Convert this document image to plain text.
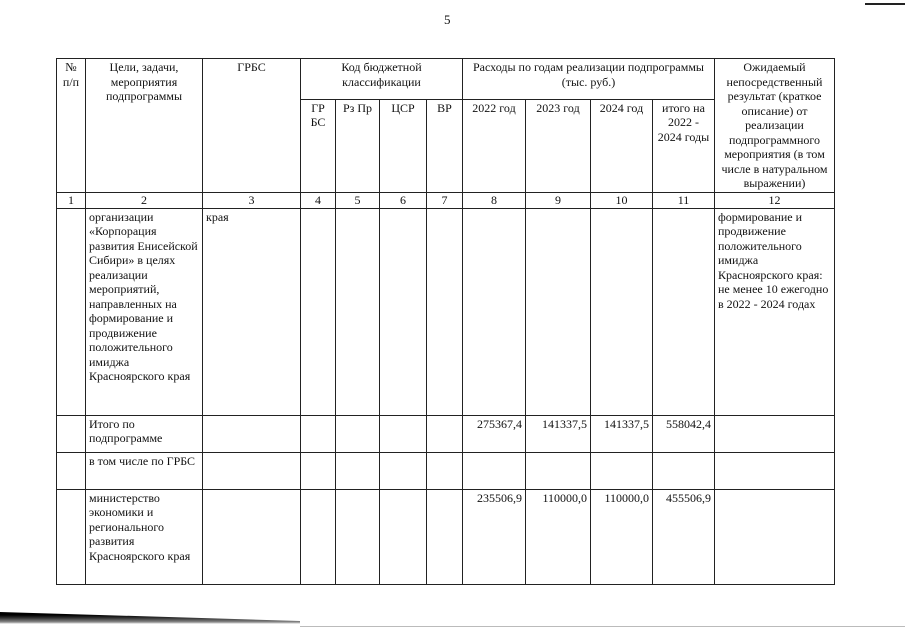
5
№ п/п	Цели, задачи, мероприятия подпрограммы	ГРБС	Код бюджетной классификации				Расходы по годам реализации подпрограммы (тыс. руб.)				Ожидаемый непосредственный результат (краткое описание) от реализации подпрограммного мероприятия (в том числе в натуральном выражении)
			ГР БС	Рз Пр	ЦСР	ВР	2022 год	2023 год	2024 год	итого на 2022 - 2024 годы	
1	2	3	4	5	6	7	8	9	10	11	12
	организации «Корпорация развития Енисейской Сибири» в целях реализации мероприятий, направленных на формирование и продвижение положительного имиджа Красноярского края	края									формирование и продвижение положительного имиджа Красноярского края: не менее 10 ежегодно в 2022 - 2024 годах
	Итого по подпрограмме						275367,4	141337,5	141337,5	558042,4	
	в том числе по ГРБС										
	министерство экономики и регионального развития Красноярского края						235506,9	110000,0	110000,0	455506,9	
